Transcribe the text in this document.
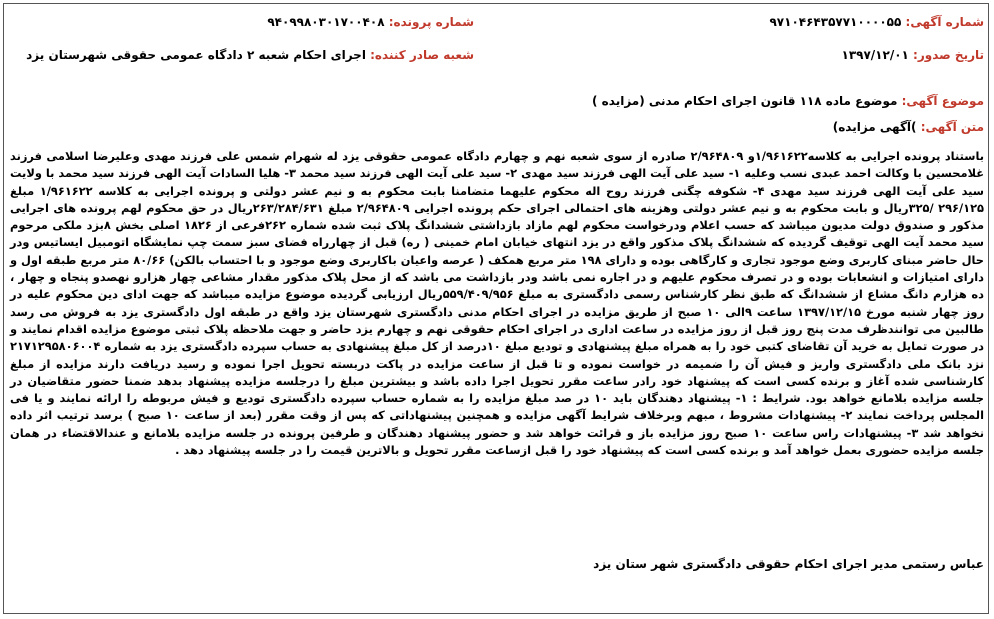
شماره آگهی: ۹۷۱۰۴۶۴۳۵۷۷۱۰۰۰۰۵۵
شماره پرونده: ۹۴۰۹۹۸۰۳۰۱۷۰۰۴۰۸
تاریخ صدور: ۱۳۹۷/۱۲/۰۱
شعبه صادر کننده: اجرای احکام شعبه ۲ دادگاه عمومی حقوقی شهرستان یزد
موضوع آگهی: موضوع ماده ۱۱۸ قانون اجرای احکام مدنی (مزایده )
متن آگهی: )آگهی مزایده)
باستناد پرونده اجرایی به کلاسه۱/۹۶۱۶۲۲و ۲/۹۶۴۸۰۹ صادره از سوی شعبه نهم و چهارم دادگاه عمومی حقوقی یزد له شهرام شمس علی فرزند مهدی وعلیرضا اسلامی فرزند غلامحسین با وکالت احمد عبدی نسب وعلیه ۱- سید علی آیت الهی فرزند سید مهدی ۲- سید علی آیت الهی فرزند سید محمد ۳- هلیا السادات آیت الهی فرزند سید محمد با ولایت سید علی آیت الهی فرزند سید مهدی ۴- شکوفه چگنی فرزند روح اله محکوم علیهما متضامنا بابت محکوم به و نیم عشر دولتی و پرونده اجرایی به کلاسه ۱/۹۶۱۶۲۲ مبلغ ۲۹۶/۱۲۵ /۳۲۵ریال و بابت محکوم به و نیم عشر دولتی وهزینه های احتمالی اجرای حکم پرونده اجرایی ۲/۹۶۴۸۰۹ مبلغ ۲۶۳/۲۸۴/۶۳۱ریال در حق محکوم لهم پرونده های اجرایی مذکور و صندوق دولت مدیون میباشد که حسب اعلام ودرخواست محکوم لهم مازاد بازداشتی ششدانگ پلاک ثبت شده شماره ۲۶۲فرعی از ۱۸۲۶ اصلی بخش ۸بزد ملکی مرحوم سید محمد آیت الهی توقیف گردیده که ششدانگ پلاک مذکور واقع در یزد انتهای خیابان امام خمینی ( ره) قبل از چهارراه فضای سبز سمت چپ نمایشگاه اتومبیل ایساتیس ودر حال حاضر مبنای کاربری وضع موجود تجاری و کارگاهی بوده و دارای ۱۹۸ متر مربع همکف ( عرصه واعیان باکاربری وضع موجود و با احتساب بالکن) ۸۰/۶۶ متر مربع طبقه اول و دارای امتیازات و انشعابات بوده و در تصرف محکوم علیهم و در اجاره نمی باشد ودر بازداشت می باشد که از محل پلاک مذکور مقدار مشاعی چهار هزارو نهصدو پنجاه و چهار ، ده هزارم دانگ مشاع از ششدانگ که طبق نظر کارشناس رسمی دادگستری به مبلغ ۵۵۹/۴۰۹/۹۵۶ریال ارزیابی گردیده موضوع مزایده میباشد که جهت ادای دین محکوم علیه در روز چهار شنبه مورخ ۱۳۹۷/۱۲/۱۵ ساعت ۹الی ۱۰ صبح از طریق مزایده در اجرای احکام مدنی دادگستری شهرستان یزد واقع در طبقه اول دادگستری یزد به فروش می رسد طالبین می توانندظرف مدت پنج روز قبل از روز مزایده در ساعت اداری در اجرای احکام حقوقی نهم و چهارم یزد حاضر و جهت ملاحظه پلاک ثبتی موضوع مزایده اقدام نمایند و در صورت تمایل به خرید آن تقاضای کتبی خود را به همراه مبلغ پیشنهادی و تودیع مبلغ ۱۰درصد از کل مبلغ پیشنهادی به حساب سپرده دادگستری یزد به شماره ۲۱۷۱۲۹۵۸۰۶۰۰۴ نزد بانک ملی دادگستری واریز و فیش آن را ضمیمه در خواست نموده و تا قبل از ساعت مزایده در پاکت دربسته تحویل اجرا نموده و رسید دریافت دارند مزایده از مبلغ کارشناسی شده آغاز و برنده کسی است که پیشنهاد خود رادر ساعت مقرر تحویل اجرا داده باشد و بیشترین مبلغ را درجلسه مزایده پیشنهاد بدهد ضمنا حضور متقاضیان در جلسه مزایده بلامانع خواهد بود. شرایط : ۱- پیشنهاد دهندگان باید ۱۰ در صد مبلغ مزایده را به شماره حساب سپرده دادگستری تودیع و فیش مربوطه را ارائه نمایند و یا فی المجلس پرداخت نمایند ۲- پیشنهادات مشروط ، مبهم وبرخلاف شرایط آگهی مزایده و همچنین پیشنهاداتی که پس از وقت مقرر (بعد از ساعت ۱۰ صبح ) برسد ترتیب اثر داده نخواهد شد ۳- پیشنهادات راس ساعت ۱۰ صبح روز مزایده باز و قرائت خواهد شد و حضور پیشنهاد دهندگان و طرفین پرونده در جلسه مزایده بلامانع و عندالاقتضاء در همان جلسه مزایده حضوری بعمل خواهد آمد و برنده کسی است که پیشنهاد خود را قبل ازساعت مقرر تحویل و بالاترین قیمت را در جلسه پیشنهاد دهد .
عباس رستمی مدیر اجرای احکام حقوقی دادگستری شهر ستان یزد
